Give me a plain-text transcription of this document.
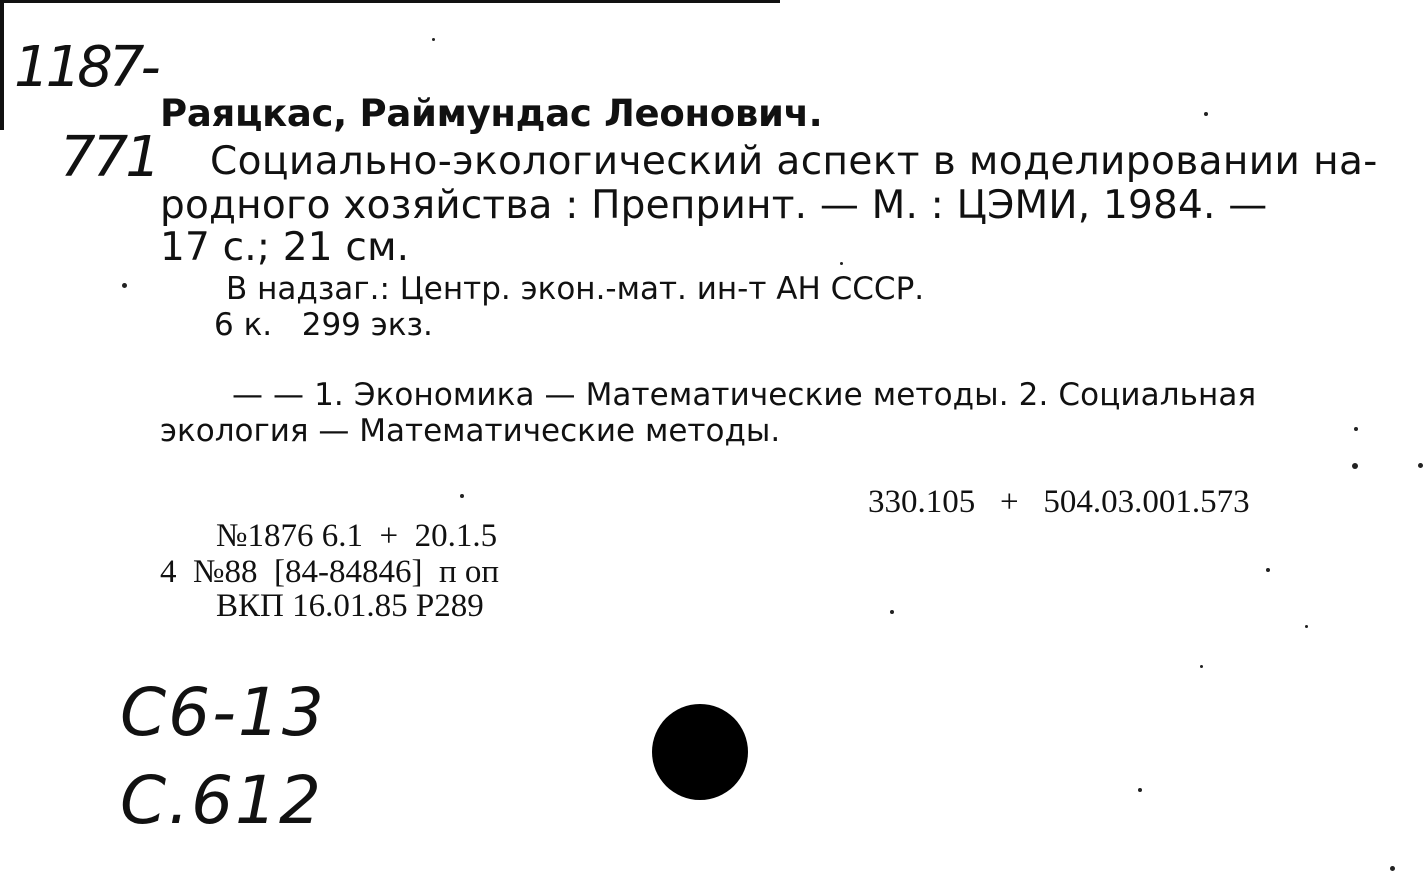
1187-
771
Раяцкас, Раймундас Леонович.
Социально-экологический аспект в моделировании на-
родного хозяйства : Препринт. — М. : ЦЭМИ, 1984. —
17 с.; 21 см.
В надзаг.: Центр. экон.-мат. ин-т АН СССР.
6 к.   299 экз.
— — 1. Экономика — Математические методы. 2. Социальная
экология — Математические методы.
330.105   +   504.03.001.573
№1876 6.1  +  20.1.5
4  №88  [84-84846]  п оп
ВКП 16.01.85 Р289
С6-13
С.612
